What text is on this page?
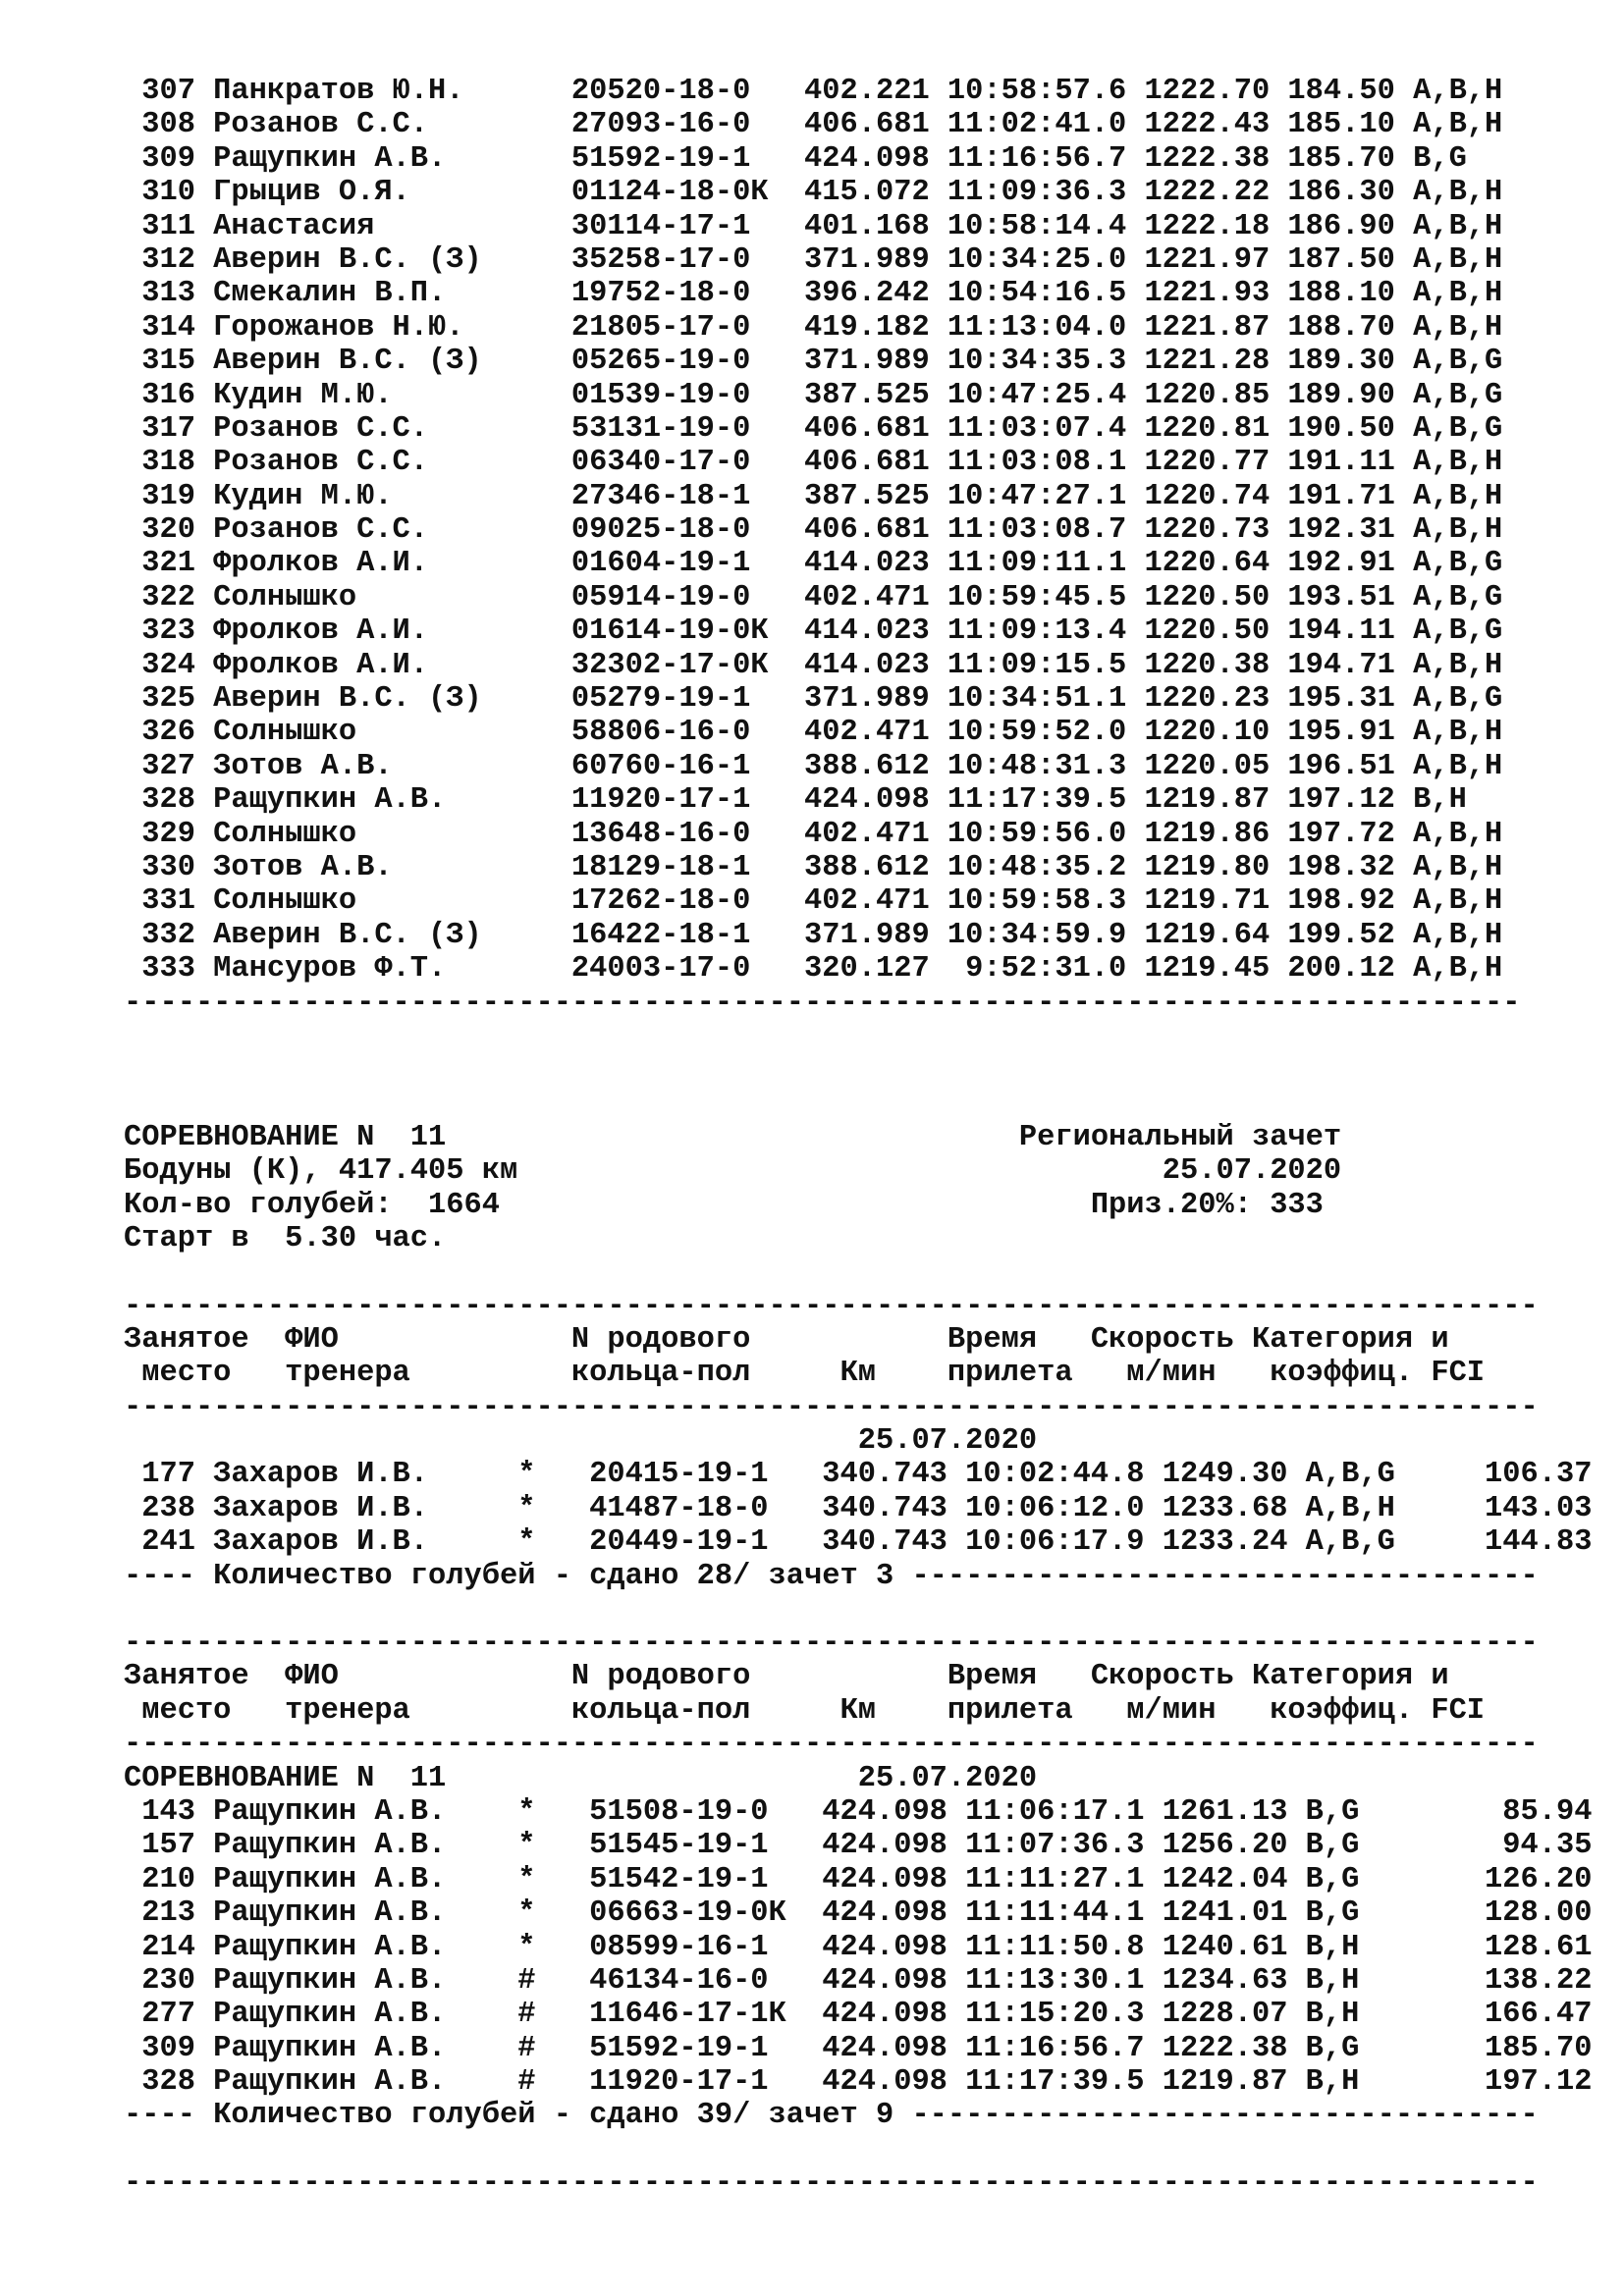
307 Панкратов Ю.Н.      20520-18-0   402.221 10:58:57.6 1222.70 184.50 A,B,H
308 Розанов С.С.        27093-16-0   406.681 11:02:41.0 1222.43 185.10 A,B,H
309 Ращупкин А.В.       51592-19-1   424.098 11:16:56.7 1222.38 185.70 B,G
310 Грыцив О.Я.         01124-18-0К  415.072 11:09:36.3 1222.22 186.30 A,B,H
311 Анастасия           30114-17-1   401.168 10:58:14.4 1222.18 186.90 A,B,H
312 Аверин В.С. (З)     35258-17-0   371.989 10:34:25.0 1221.97 187.50 A,B,H
313 Смекалин В.П.       19752-18-0   396.242 10:54:16.5 1221.93 188.10 A,B,H
314 Горожанов Н.Ю.      21805-17-0   419.182 11:13:04.0 1221.87 188.70 A,B,H
315 Аверин В.С. (З)     05265-19-0   371.989 10:34:35.3 1221.28 189.30 A,B,G
316 Кудин М.Ю.          01539-19-0   387.525 10:47:25.4 1220.85 189.90 A,B,G
317 Розанов С.С.        53131-19-0   406.681 11:03:07.4 1220.81 190.50 A,B,G
318 Розанов С.С.        06340-17-0   406.681 11:03:08.1 1220.77 191.11 A,B,H
319 Кудин М.Ю.          27346-18-1   387.525 10:47:27.1 1220.74 191.71 A,B,H
320 Розанов С.С.        09025-18-0   406.681 11:03:08.7 1220.73 192.31 A,B,H
321 Фролков А.И.        01604-19-1   414.023 11:09:11.1 1220.64 192.91 A,B,G
322 Солнышко            05914-19-0   402.471 10:59:45.5 1220.50 193.51 A,B,G
323 Фролков А.И.        01614-19-0К  414.023 11:09:13.4 1220.50 194.11 A,B,G
324 Фролков А.И.        32302-17-0К  414.023 11:09:15.5 1220.38 194.71 A,B,H
325 Аверин В.С. (З)     05279-19-1   371.989 10:34:51.1 1220.23 195.31 A,B,G
326 Солнышко            58806-16-0   402.471 10:59:52.0 1220.10 195.91 A,B,H
327 Зотов А.В.          60760-16-1   388.612 10:48:31.3 1220.05 196.51 A,B,H
328 Ращупкин А.В.       11920-17-1   424.098 11:17:39.5 1219.87 197.12 B,H
329 Солнышко            13648-16-0   402.471 10:59:56.0 1219.86 197.72 A,B,H
330 Зотов А.В.          18129-18-1   388.612 10:48:35.2 1219.80 198.32 A,B,H
331 Солнышко            17262-18-0   402.471 10:59:58.3 1219.71 198.92 A,B,H
332 Аверин В.С. (З)     16422-18-1   371.989 10:34:59.9 1219.64 199.52 A,B,H
333 Мансуров Ф.Т.       24003-17-0   320.127  9:52:31.0 1219.45 200.12 A,B,H
------------------------------------------------------------------------------
СОРЕВНОВАНИЕ N  11                                Региональный зачет
Бодуны (К), 417.405 км                                    25.07.2020
Кол-во голубей:  1664                                 Приз.20%: 333
Старт в  5.30 час.
-------------------------------------------------------------------------------
Занятое  ФИО             N родового           Время   Скорость Категория и
место   тренера         кольца-пол     Км    прилета   м/мин   коэффиц. FCI
-------------------------------------------------------------------------------
25.07.2020
177 Захаров И.В.     *   20415-19-1   340.743 10:02:44.8 1249.30 A,B,G     106.37
238 Захаров И.В.     *   41487-18-0   340.743 10:06:12.0 1233.68 A,B,H     143.03
241 Захаров И.В.     *   20449-19-1   340.743 10:06:17.9 1233.24 A,B,G     144.83
---- Количество голубей - сдано 28/ зачет 3 -----------------------------------
-------------------------------------------------------------------------------
Занятое  ФИО             N родового           Время   Скорость Категория и
место   тренера         кольца-пол     Км    прилета   м/мин   коэффиц. FCI
-------------------------------------------------------------------------------
СОРЕВНОВАНИЕ N  11                       25.07.2020
143 Ращупкин А.В.    *   51508-19-0   424.098 11:06:17.1 1261.13 B,G        85.94
157 Ращупкин А.В.    *   51545-19-1   424.098 11:07:36.3 1256.20 B,G        94.35
210 Ращупкин А.В.    *   51542-19-1   424.098 11:11:27.1 1242.04 B,G       126.20
213 Ращупкин А.В.    *   06663-19-0К  424.098 11:11:44.1 1241.01 B,G       128.00
214 Ращупкин А.В.    *   08599-16-1   424.098 11:11:50.8 1240.61 B,H       128.61
230 Ращупкин А.В.    #   46134-16-0   424.098 11:13:30.1 1234.63 B,H       138.22
277 Ращупкин А.В.    #   11646-17-1К  424.098 11:15:20.3 1228.07 B,H       166.47
309 Ращупкин А.В.    #   51592-19-1   424.098 11:16:56.7 1222.38 B,G       185.70
328 Ращупкин А.В.    #   11920-17-1   424.098 11:17:39.5 1219.87 B,H       197.12
---- Количество голубей - сдано 39/ зачет 9 -----------------------------------
-------------------------------------------------------------------------------
